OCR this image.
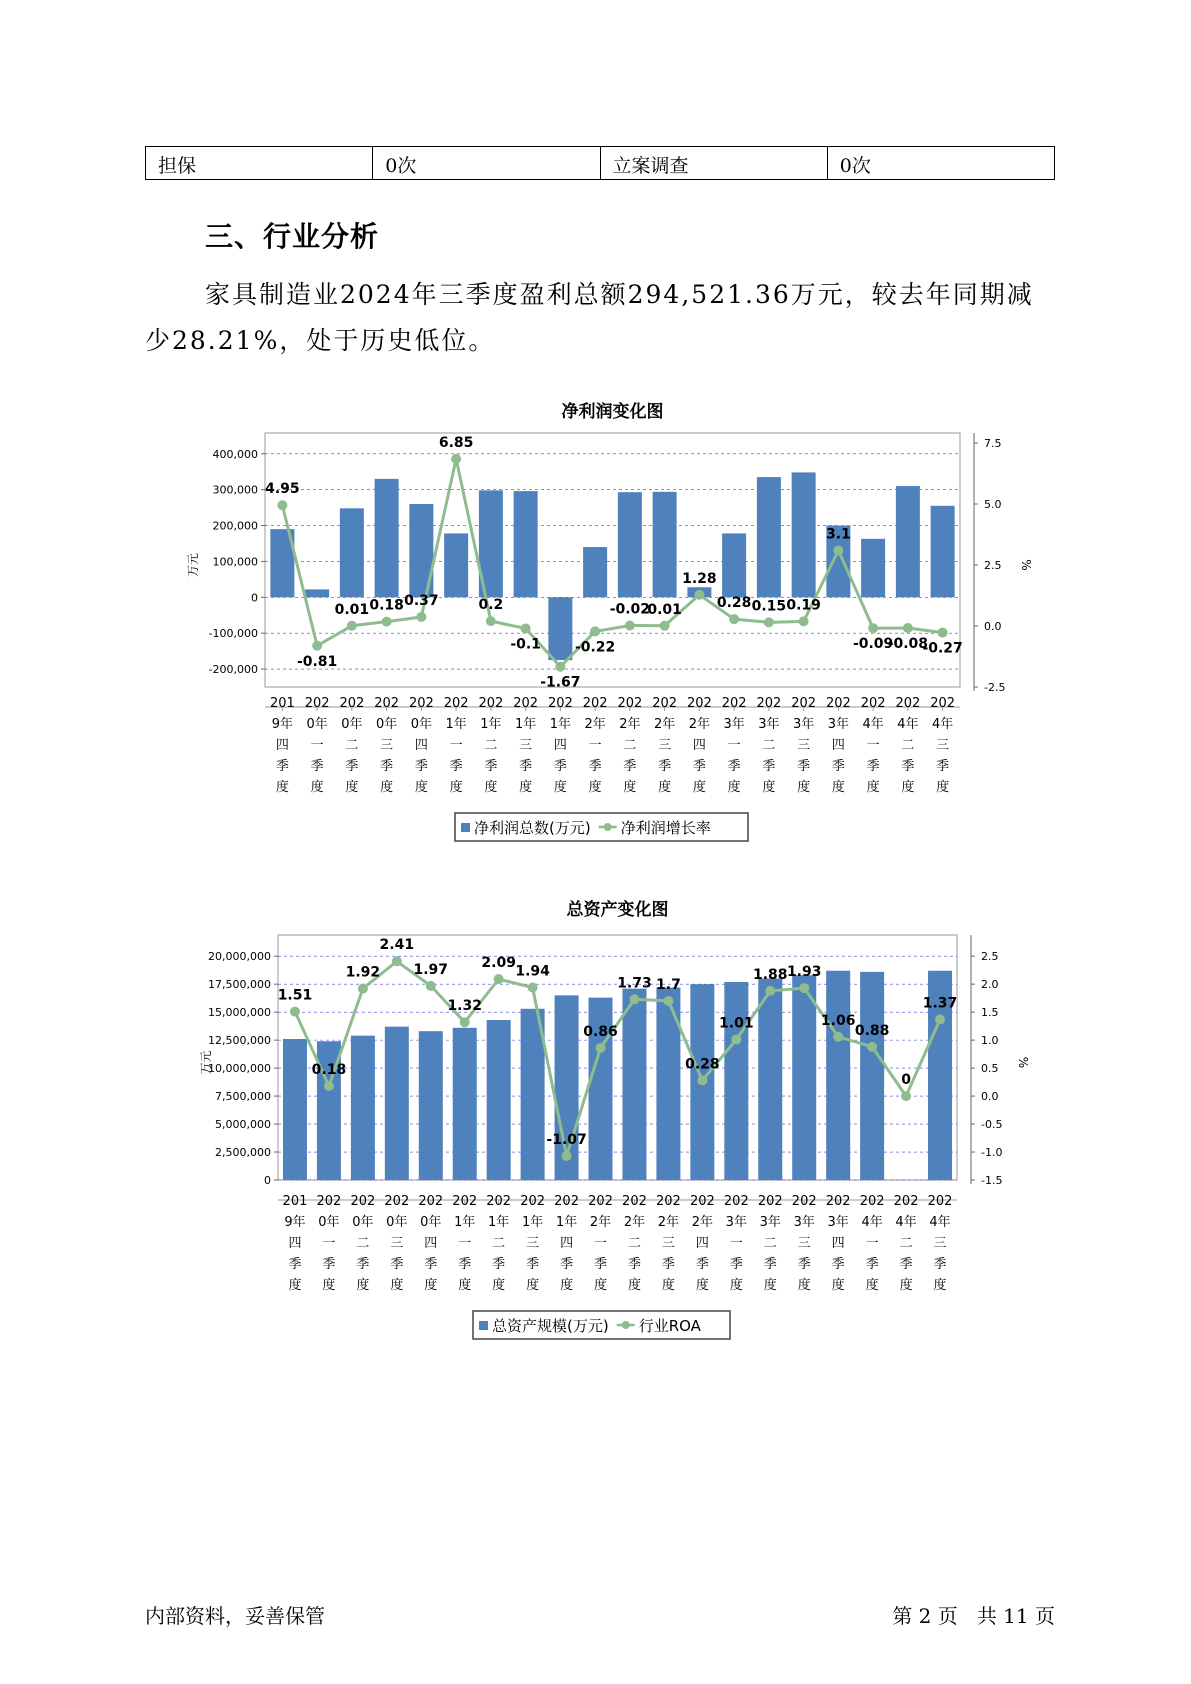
担保	0次	立案调查	0次
三、行业分析

家具制造业2024年三季度盈利总额294,521.36万元，较去年同期减少28.21%，处于历史低位。

净利润变化图
400,000
300,000
200,000
100,000
0
-100,000
-200,000
7.5
5.0
2.5
0.0
-2.5
万元	%
201
9年
四
季
度
202
0年
一
季
度
202
0年
二
季
度
202
0年
三
季
度
202
0年
四
季
度
202
1年
一
季
度
202
1年
二
季
度
202
1年
三
季
度
202
1年
四
季
度
202
2年
一
季
度
202
2年
二
季
度
202
2年
三
季
度
202
2年
四
季
度
202
3年
一
季
度
202
3年
二
季
度
202
3年
三
季
度
202
3年
四
季
度
202
4年
一
季
度
202
4年
二
季
度
202
4年
三
季
度
4.95
-0.81
0.01 0.18 0.37
6.85
0.2
-0.1
-1.67
-0.22
-0.02
0.01
1.28
0.28 0.15 0.19
3.1
-0.09
-0.08
-0.27
净利润总数(万元) 净利润增长率
总资产变化图
20,000,000
17,500,000
15,000,000
12,500,000
10,000,000
7,500,000
5,000,000
2,500,000
0
2.5
2.0
1.5
1.0
0.5
0.0
-0.5
-1.0
-1.5
万元	%
201
9年
四
季
度
202
0年
一
季
度
202
0年
二
季
度
202
0年
三
季
度
202
0年
四
季
度
202
1年
一
季
度
202
1年
二
季
度
202
1年
三
季
度
202
1年
四
季
度
202
2年
一
季
度
202
2年
二
季
度
202
2年
三
季
度
202
2年
四
季
度
202
3年
一
季
度
202
3年
二
季
度
202
3年
三
季
度
202
3年
四
季
度
202
4年
一
季
度
202
4年
二
季
度
202
4年
三
季
度
1.51
0.18
1.92
2.41
1.97
1.32
2.09
1.94
-1.07
0.86
1.73 1.7
0.28
1.01
1.88 1.93
1.06
0.88
0
1.37
总资产规模(万元) 行业ROA

内部资料，妥善保管	第 2 页   共 11 页
